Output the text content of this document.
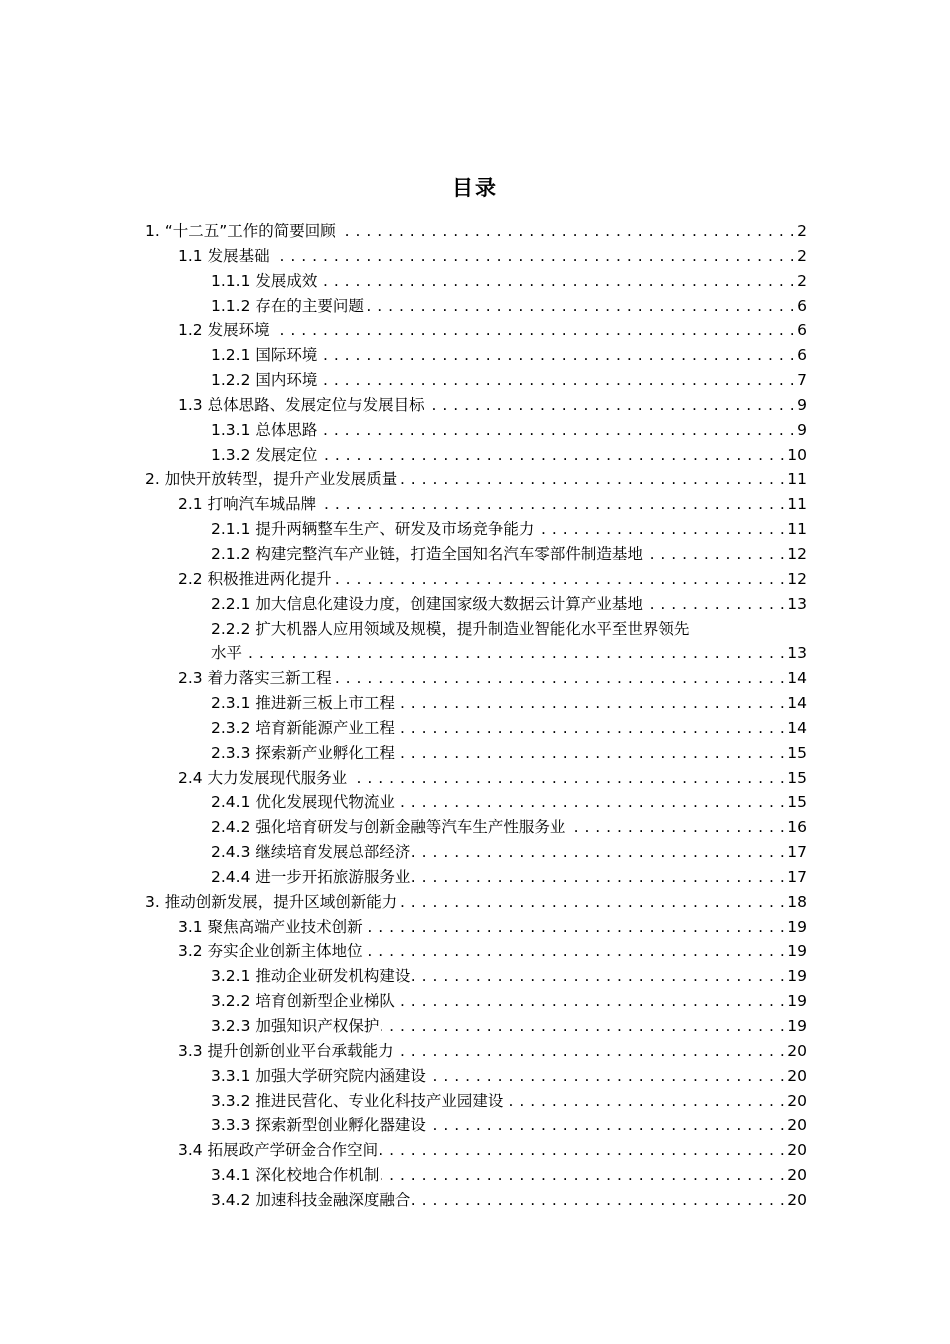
目录
1. “十二五”工作的简要回顾 . . .	2
1.1 发展基础 . . .	2
1.1.1 发展成效 . . .	2
1.1.2 存在的主要问题 . . .	6
1.2 发展环境 . . .	6
1.2.1 国际环境 . . .	6
1.2.2 国内环境 . . .	7
1.3 总体思路、发展定位与发展目标 . . .	9
1.3.1 总体思路 . . .	9
1.3.2 发展定位 . . .	10
2. 加快开放转型，提升产业发展质量 . . .	11
2.1 打响汽车城品牌 . . .	11
2.1.1 提升两辆整车生产、研发及市场竞争能力 . . .	11
2.1.2 构建完整汽车产业链，打造全国知名汽车零部件制造基地 . . .	12
2.2 积极推进两化提升 . . .	12
2.2.1 加大信息化建设力度，创建国家级大数据云计算产业基地 . . .	13
2.2.2 扩大机器人应用领域及规模，提升制造业智能化水平至世界领先
水平 . . .	13
2.3 着力落实三新工程 . . .	14
2.3.1 推进新三板上市工程 . . .	14
2.3.2 培育新能源产业工程 . . .	14
2.3.3 探索新产业孵化工程 . . .	15
2.4 大力发展现代服务业 . . .	15
2.4.1 优化发展现代物流业 . . .	15
2.4.2 强化培育研发与创新金融等汽车生产性服务业 . . .	16
2.4.3 继续培育发展总部经济 . . .	17
2.4.4 进一步开拓旅游服务业 . . .	17
3. 推动创新发展，提升区域创新能力 . . .	18
3.1 聚焦高端产业技术创新 . . .	19
3.2 夯实企业创新主体地位 . . .	19
3.2.1 推动企业研发机构建设 . . .	19
3.2.2 培育创新型企业梯队 . . .	19
3.2.3 加强知识产权保护 . . .	19
3.3 提升创新创业平台承载能力 . . .	20
3.3.1 加强大学研究院内涵建设 . . .	20
3.3.2 推进民营化、专业化科技产业园建设 . . .	20
3.3.3 探索新型创业孵化器建设 . . .	20
3.4 拓展政产学研金合作空间 . . .	20
3.4.1 深化校地合作机制 . . .	20
3.4.2 加速科技金融深度融合 . . .	20
